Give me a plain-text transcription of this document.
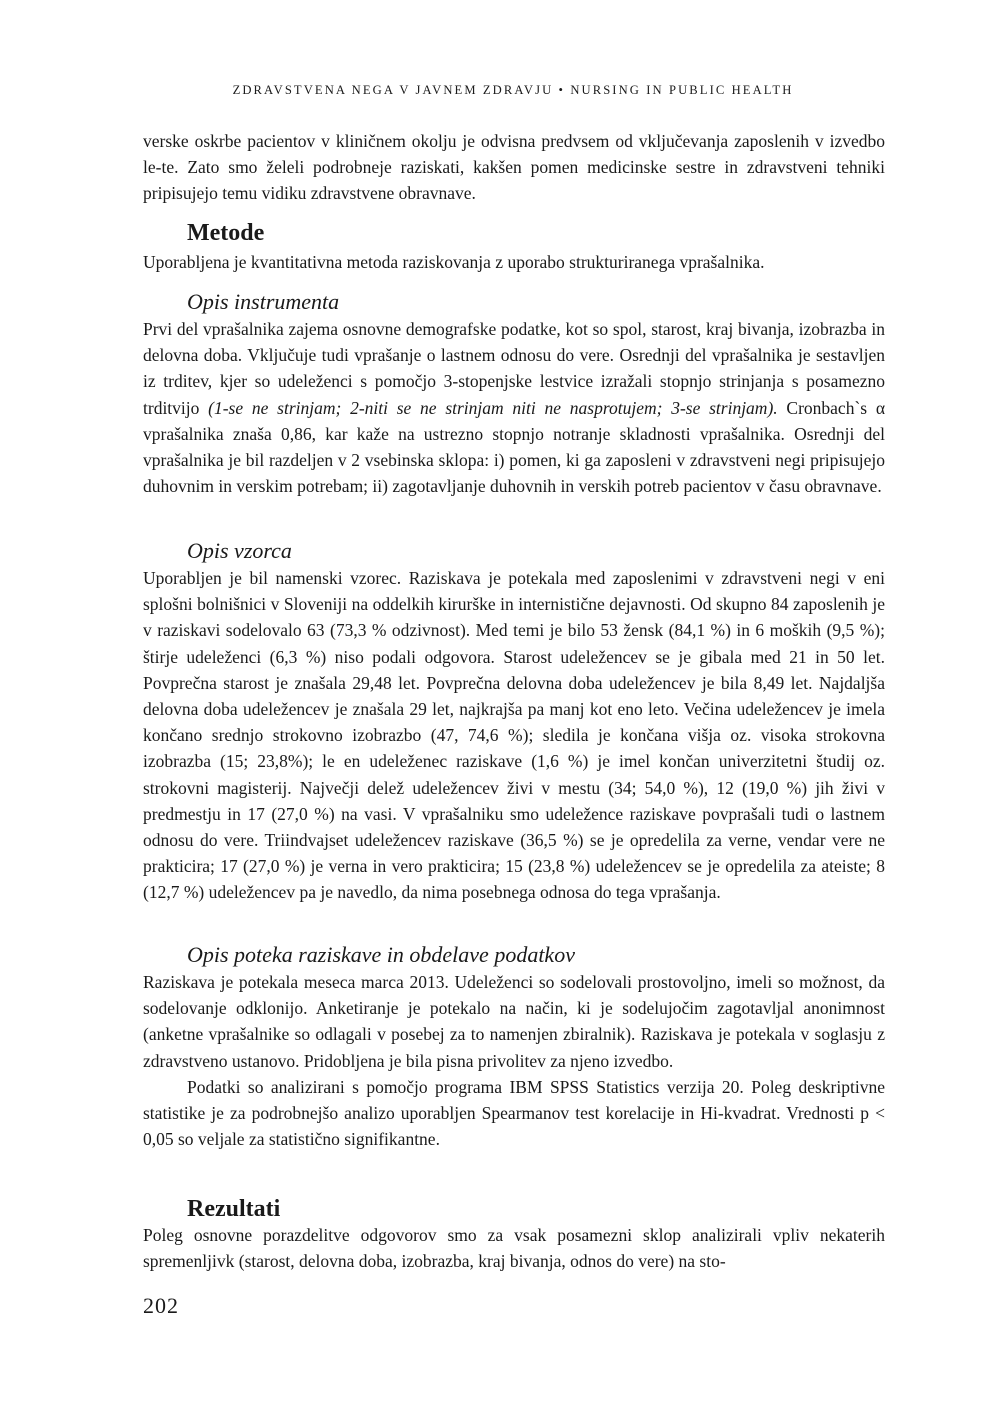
ZDRAVSTVENA NEGA V JAVNEM ZDRAVJU • NURSING IN PUBLIC HEALTH

verske oskrbe pacientov v kliničnem okolju je odvisna predvsem od vključevanja zaposlenih v izvedbo le-te. Zato smo želeli podrobneje raziskati, kakšen pomen medicinske sestre in zdravstveni tehniki pripisujejo temu vidiku zdravstvene obravnave.

Metode

Uporabljena je kvantitativna metoda raziskovanja z uporabo strukturiranega vprašalnika.

Opis instrumenta

Prvi del vprašalnika zajema osnovne demografske podatke, kot so spol, starost, kraj bivanja, izobrazba in delovna doba. Vključuje tudi vprašanje o lastnem odnosu do vere. Osrednji del vprašalnika je sestavljen iz trditev, kjer so udeleženci s pomočjo 3-stopenjske lestvice izražali stopnjo strinjanja s posamezno trditvijo (1-se ne strinjam; 2-niti se ne strinjam niti ne nasprotujem; 3-se strinjam). Cronbach`s α vprašalnika znaša 0,86, kar kaže na ustrezno stopnjo notranje skladnosti vprašalnika. Osrednji del vprašalnika je bil razdeljen v 2 vsebinska sklopa: i) pomen, ki ga zaposleni v zdravstveni negi pripisujejo duhovnim in verskim potrebam; ii) zagotavljanje duhovnih in verskih potreb pacientov v času obravnave.

Opis vzorca

Uporabljen je bil namenski vzorec. Raziskava je potekala med zaposlenimi v zdravstveni negi v eni splošni bolnišnici v Sloveniji na oddelkih kirurške in internistične dejavnosti. Od skupno 84 zaposlenih je v raziskavi sodelovalo 63 (73,3 % odzivnost). Med temi je bilo 53 žensk (84,1 %) in 6 moških (9,5 %); štirje udeleženci (6,3 %) niso podali odgovora. Starost udeležencev se je gibala med 21 in 50 let. Povprečna starost je znašala 29,48 let. Povprečna delovna doba udeležencev je bila 8,49 let. Najdaljša delovna doba udeležencev je znašala 29 let, najkrajša pa manj kot eno leto. Večina udeležencev je imela končano srednjo strokovno izobrazbo (47, 74,6 %); sledila je končana višja oz. visoka strokovna izobrazba (15; 23,8%); le en udeleženec raziskave (1,6 %) je imel končan univerzitetni študij oz. strokovni magisterij. Največji delež udeležencev živi v mestu (34; 54,0 %), 12 (19,0 %) jih živi v predmestju in 17 (27,0 %) na vasi. V vprašalniku smo udeležence raziskave povprašali tudi o lastnem odnosu do vere. Triindvajset udeležencev raziskave (36,5 %) se je opredelila za verne, vendar vere ne prakticira; 17 (27,0 %) je verna in vero prakticira; 15 (23,8 %) udeležencev se je opredelila za ateiste; 8 (12,7 %) udeležencev pa je navedlo, da nima posebnega odnosa do tega vprašanja.

Opis poteka raziskave in obdelave podatkov

Raziskava je potekala meseca marca 2013. Udeleženci so sodelovali prostovoljno, imeli so možnost, da sodelovanje odklonijo. Anketiranje je potekalo na način, ki je sodelujočim zagotavljal anonimnost (anketne vprašalnike so odlagali v posebej za to namenjen zbiralnik). Raziskava je potekala v soglasju z zdravstveno ustanovo. Pridobljena je bila pisna privolitev za njeno izvedbo.

Podatki so analizirani s pomočjo programa IBM SPSS Statistics verzija 20. Poleg deskriptivne statistike je za podrobnejšo analizo uporabljen Spearmanov test korelacije in Hi-kvadrat. Vrednosti p < 0,05 so veljale za statistično signifikantne.

Rezultati

Poleg osnovne porazdelitve odgovorov smo za vsak posamezni sklop analizirali vpliv nekaterih spremenljivk (starost, delovna doba, izobrazba, kraj bivanja, odnos do vere) na sto-

202
